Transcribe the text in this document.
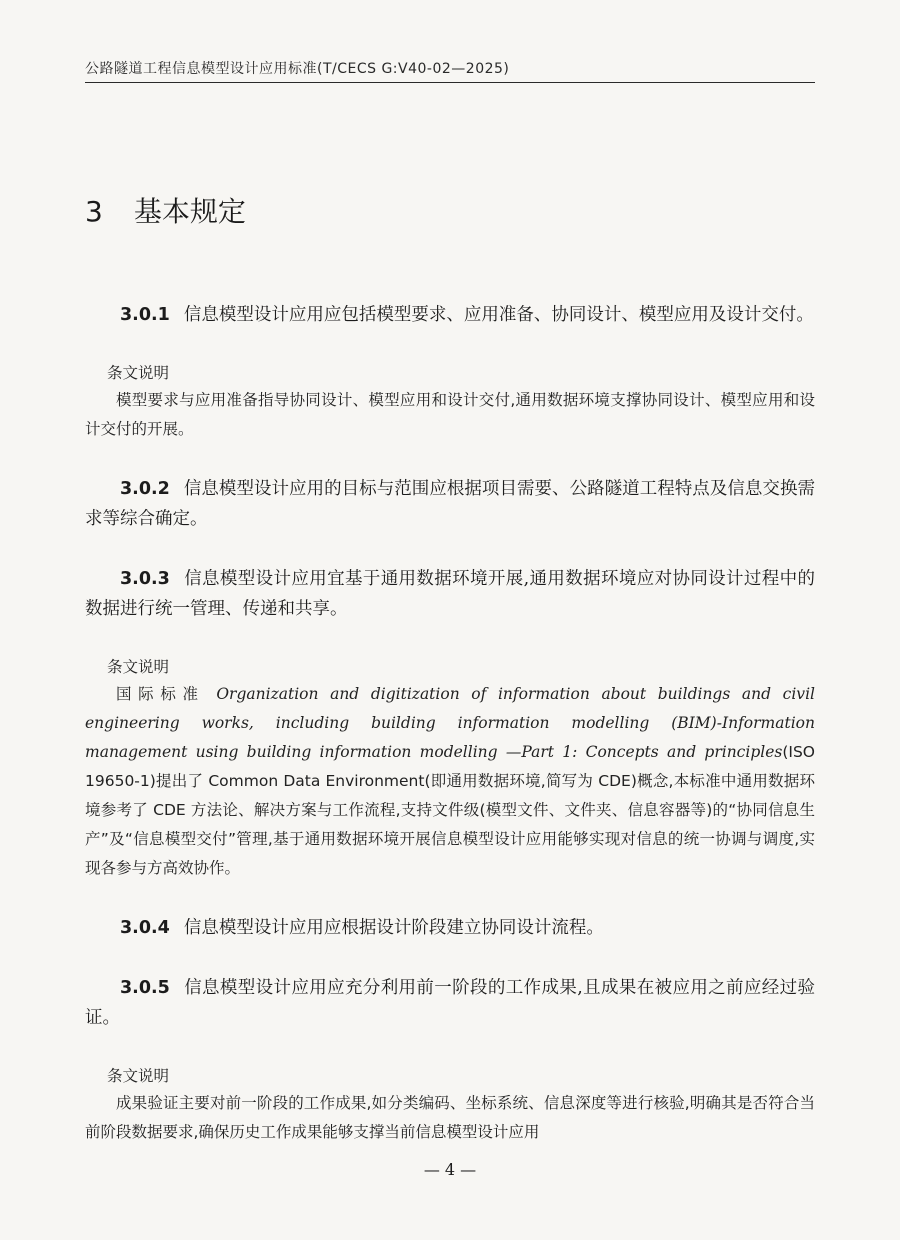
公路隧道工程信息模型设计应用标准(T/CECS G:V40-02—2025)
3 基本规定
3.0.1 信息模型设计应用应包括模型要求、应用准备、协同设计、模型应用及设计交付。
条文说明
模型要求与应用准备指导协同设计、模型应用和设计交付,通用数据环境支撑协同设计、模型应用和设计交付的开展。
3.0.2 信息模型设计应用的目标与范围应根据项目需要、公路隧道工程特点及信息交换需求等综合确定。
3.0.3 信息模型设计应用宜基于通用数据环境开展,通用数据环境应对协同设计过程中的数据进行统一管理、传递和共享。
条文说明
国际标准 Organization and digitization of information about buildings and civil engineering works, including building information modelling (BIM)-Information management using building information modelling —Part 1: Concepts and principles(ISO 19650-1)提出了 Common Data Environment(即通用数据环境,简写为 CDE)概念,本标准中通用数据环境参考了 CDE 方法论、解决方案与工作流程,支持文件级(模型文件、文件夹、信息容器等)的“协同信息生产”及“信息模型交付”管理,基于通用数据环境开展信息模型设计应用能够实现对信息的统一协调与调度,实现各参与方高效协作。
3.0.4 信息模型设计应用应根据设计阶段建立协同设计流程。
3.0.5 信息模型设计应用应充分利用前一阶段的工作成果,且成果在被应用之前应经过验证。
条文说明
成果验证主要对前一阶段的工作成果,如分类编码、坐标系统、信息深度等进行核验,明确其是否符合当前阶段数据要求,确保历史工作成果能够支撑当前信息模型设计应用
— 4 —
